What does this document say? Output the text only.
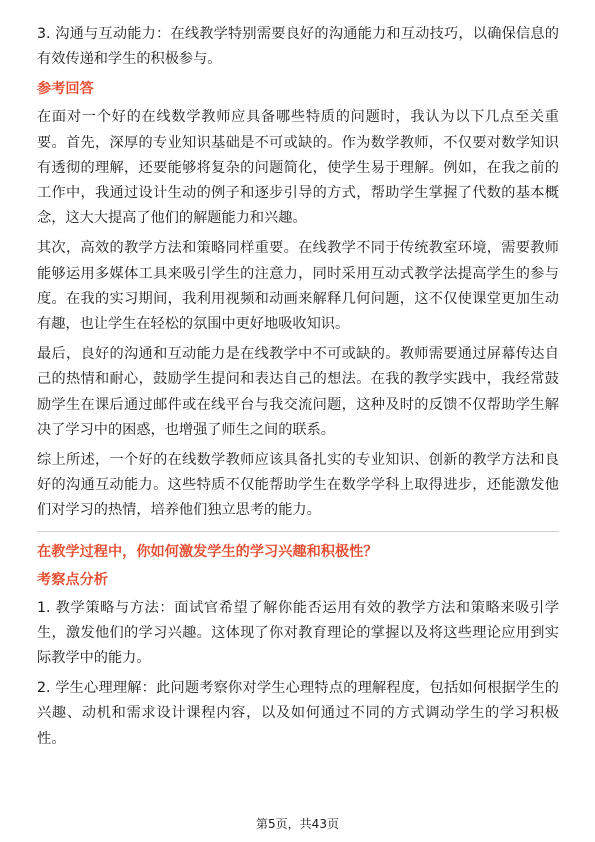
3. 沟通与互动能力：在线教学特别需要良好的沟通能力和互动技巧，以确保信息的有效传递和学生的积极参与。

参考回答

在面对一个好的在线数学教师应具备哪些特质的问题时，我认为以下几点至关重要。首先，深厚的专业知识基础是不可或缺的。作为数学教师，不仅要对数学知识有透彻的理解，还要能够将复杂的问题简化，使学生易于理解。例如，在我之前的工作中，我通过设计生动的例子和逐步引导的方式，帮助学生掌握了代数的基本概念，这大大提高了他们的解题能力和兴趣。

其次，高效的教学方法和策略同样重要。在线教学不同于传统教室环境，需要教师能够运用多媒体工具来吸引学生的注意力，同时采用互动式教学法提高学生的参与度。在我的实习期间，我利用视频和动画来解释几何问题，这不仅使课堂更加生动有趣，也让学生在轻松的氛围中更好地吸收知识。

最后，良好的沟通和互动能力是在线教学中不可或缺的。教师需要通过屏幕传达自己的热情和耐心，鼓励学生提问和表达自己的想法。在我的教学实践中，我经常鼓励学生在课后通过邮件或在线平台与我交流问题，这种及时的反馈不仅帮助学生解决了学习中的困惑，也增强了师生之间的联系。

综上所述，一个好的在线数学教师应该具备扎实的专业知识、创新的教学方法和良好的沟通互动能力。这些特质不仅能帮助学生在数学学科上取得进步，还能激发他们对学习的热情，培养他们独立思考的能力。

在教学过程中，你如何激发学生的学习兴趣和积极性？
考察点分析

1. 教学策略与方法：面试官希望了解你能否运用有效的教学方法和策略来吸引学生，激发他们的学习兴趣。这体现了你对教育理论的掌握以及将这些理论应用到实际教学中的能力。

2. 学生心理理解：此问题考察你对学生心理特点的理解程度，包括如何根据学生的兴趣、动机和需求设计课程内容，以及如何通过不同的方式调动学生的学习积极性。

第5页，共43页
